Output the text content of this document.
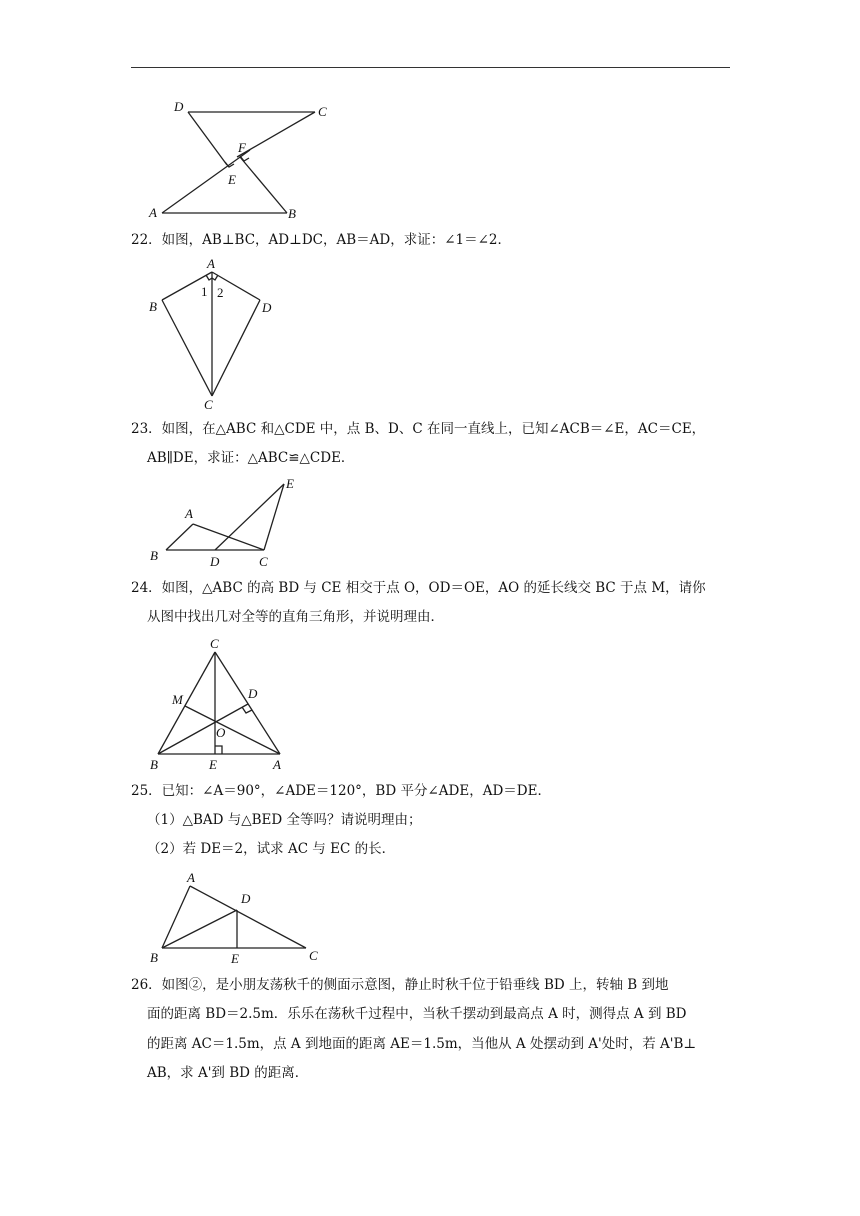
D	C
F
E
A	B
22．如图，AB⊥BC，AD⊥DC，AB＝AD，求证：∠1＝∠2．
A
B	D
C
1 2
23．如图，在△ABC 和△CDE 中，点 B、D、C 在同一直线上，已知∠ACB＝∠E，AC＝CE，
AB∥DE，求证：△ABC≌△CDE．
E
A
B	D	C
24．如图，△ABC 的高 BD 与 CE 相交于点 O，OD＝OE，AO 的延长线交 BC 于点 M，请你
从图中找出几对全等的直角三角形，并说明理由．
C
M	D
O
B	E	A
25．已知：∠A＝90°，∠ADE＝120°，BD 平分∠ADE，AD＝DE．
（1）△BAD 与△BED 全等吗？请说明理由；
（2）若 DE＝2，试求 AC 与 EC 的长．
A
D
B	E	C
26．如图②，是小朋友荡秋千的侧面示意图，静止时秋千位于铅垂线 BD 上，转轴 B 到地
面的距离 BD＝2.5m．乐乐在荡秋千过程中，当秋千摆动到最高点 A 时，测得点 A 到 BD
的距离 AC＝1.5m，点 A 到地面的距离 AE＝1.5m，当他从 A 处摆动到 A'处时，若 A'B⊥
AB，求 A'到 BD 的距离．
